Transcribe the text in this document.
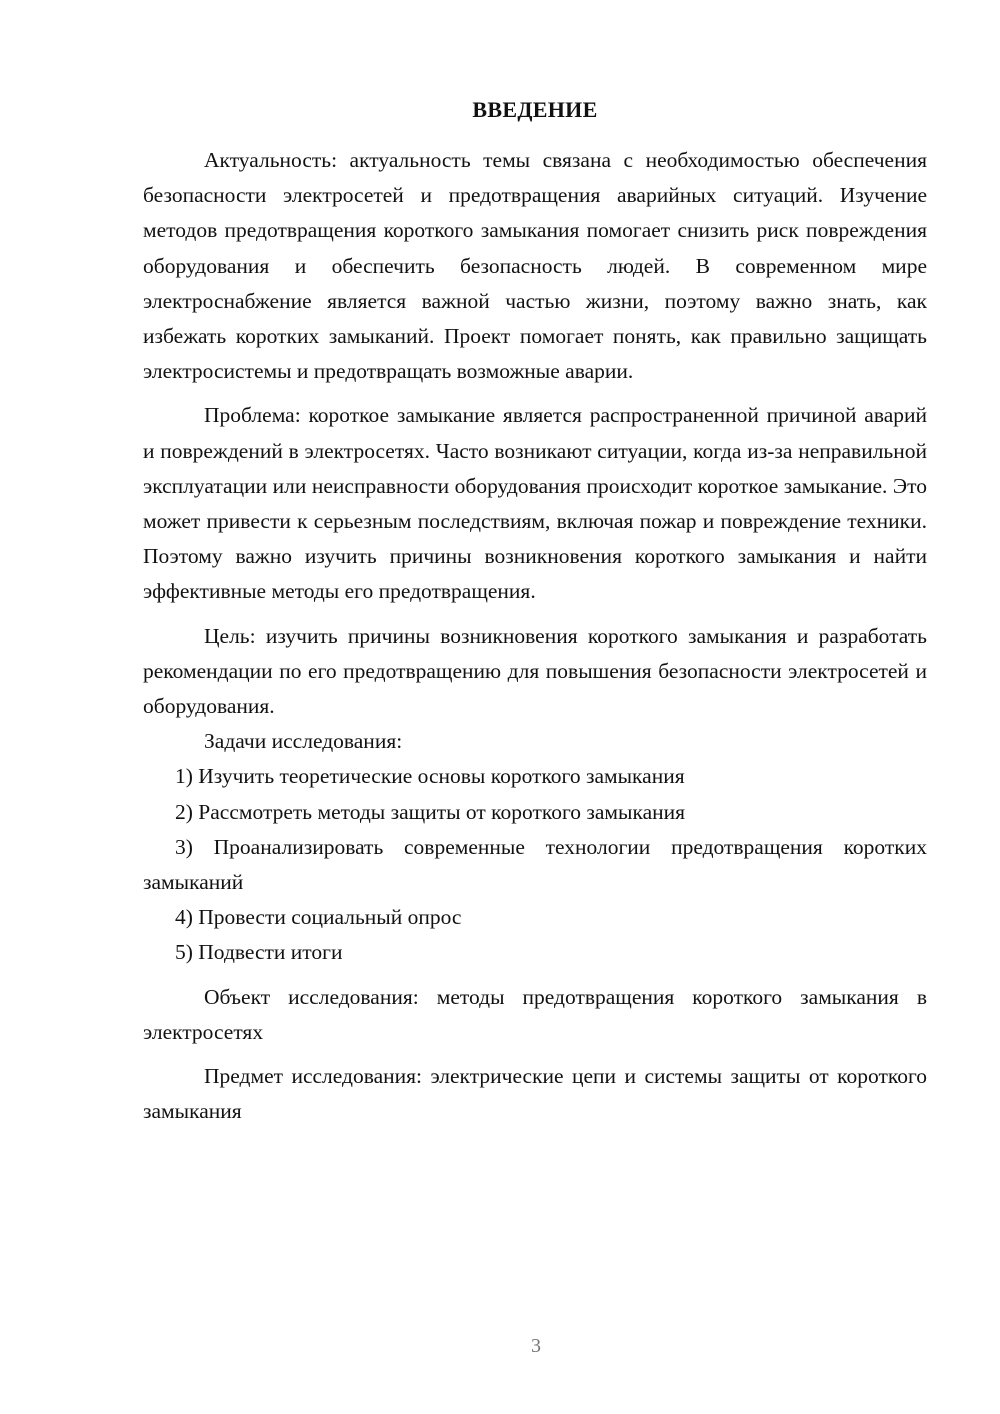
ВВЕДЕНИЕ

Актуальность: актуальность темы связана с необходимостью обеспечения безопасности электросетей и предотвращения аварийных ситуаций. Изучение методов предотвращения короткого замыкания помогает снизить риск повреждения оборудования и обеспечить безопасность людей. В современном мире электроснабжение является важной частью жизни, поэтому важно знать, как избежать коротких замыканий. Проект помогает понять, как правильно защищать электросистемы и предотвращать возможные аварии.

Проблема: короткое замыкание является распространенной причиной аварий и повреждений в электросетях. Часто возникают ситуации, когда из-за неправильной эксплуатации или неисправности оборудования происходит короткое замыкание. Это может привести к серьезным последствиям, включая пожар и повреждение техники. Поэтому важно изучить причины возникновения короткого замыкания и найти эффективные методы его предотвращения.

Цель: изучить причины возникновения короткого замыкания и разработать рекомендации по его предотвращению для повышения безопасности электросетей и оборудования.

Задачи исследования:

1) Изучить теоретические основы короткого замыкания

2) Рассмотреть методы защиты от короткого замыкания

3) Проанализировать современные технологии предотвращения коротких замыканий

4) Провести социальный опрос

5) Подвести итоги

Объект исследования: методы предотвращения короткого замыкания в электросетях

Предмет исследования: электрические цепи и системы защиты от короткого замыкания

3
